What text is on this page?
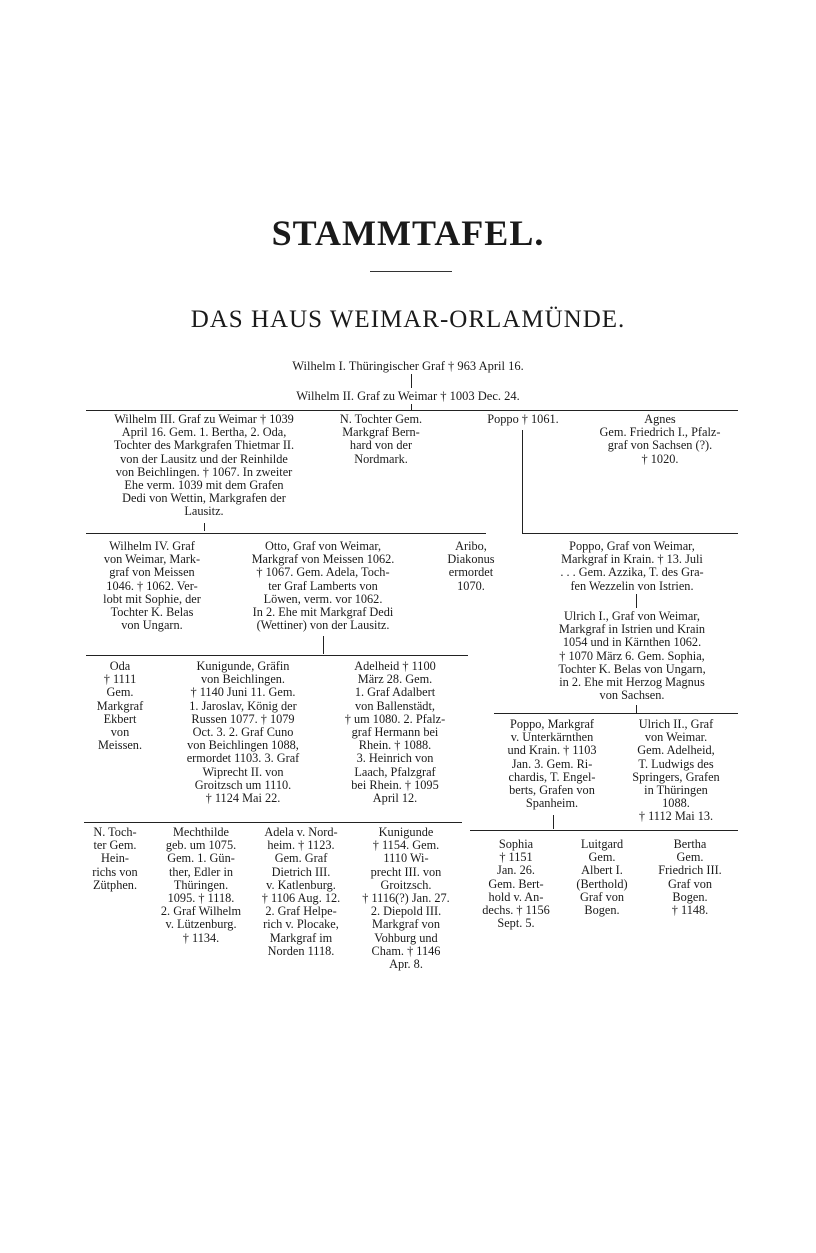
STAMMTAFEL.
DAS HAUS WEIMAR-ORLAMÜNDE.
Wilhelm I. Thüringischer Graf † 963 April 16.
Wilhelm II. Graf zu Weimar † 1003 Dec. 24.
Wilhelm III. Graf zu Weimar † 1039
April 16. Gem. 1. Bertha, 2. Oda,
Tochter des Markgrafen Thietmar II.
von der Lausitz und der Reinhilde
von Beichlingen. † 1067. In zweiter
Ehe verm. 1039 mit dem Grafen
Dedi von Wettin, Markgrafen der
Lausitz.
N. Tochter Gem.
Markgraf Bern-
hard von der
Nordmark.
Poppo † 1061.	Agnes
Gem. Friedrich I., Pfalz-
graf von Sachsen (?).
† 1020.
Wilhelm IV. Graf
von Weimar, Mark-
graf von Meissen
1046. † 1062. Ver-
lobt mit Sophie, der
Tochter K. Belas
von Ungarn.
Otto, Graf von Weimar,
Markgraf von Meissen 1062.
† 1067. Gem. Adela, Toch-
ter Graf Lamberts von
Löwen, verm. vor 1062.
In 2. Ehe mit Markgraf Dedi
(Wettiner) von der Lausitz.
Aribo,
Diakonus
ermordet
1070.
Poppo, Graf von Weimar,
Markgraf in Krain. † 13. Juli
. . . Gem. Azzika, T. des Gra-
fen Wezzelin von Istrien.
Ulrich I., Graf von Weimar,
Markgraf in Istrien und Krain
1054 und in Kärnthen 1062.
† 1070 März 6. Gem. Sophia,
Tochter K. Belas von Ungarn,
in 2. Ehe mit Herzog Magnus
von Sachsen.
Oda
† 1111
Gem.
Markgraf
Ekbert
von
Meissen.
Kunigunde, Gräfin
von Beichlingen.
† 1140 Juni 11. Gem.
1. Jaroslav, König der
Russen 1077. † 1079
Oct. 3. 2. Graf Cuno
von Beichlingen 1088,
ermordet 1103. 3. Graf
Wiprecht II. von
Groitzsch um 1110.
† 1124 Mai 22.
Adelheid † 1100
März 28. Gem.
1. Graf Adalbert
von Ballenstädt,
† um 1080. 2. Pfalz-
graf Hermann bei
Rhein. † 1088.
3. Heinrich von
Laach, Pfalzgraf
bei Rhein. † 1095
April 12.
Poppo, Markgraf
v. Unterkärnthen
und Krain. † 1103
Jan. 3. Gem. Ri-
chardis, T. Engel-
berts, Grafen von
Spanheim.
Ulrich II., Graf
von Weimar.
Gem. Adelheid,
T. Ludwigs des
Springers, Grafen
in Thüringen
1088.
† 1112 Mai 13.
N. Toch-
ter Gem.
Hein-
richs von
Zütphen.
Mechthilde
geb. um 1075.
Gem. 1. Gün-
ther, Edler in
Thüringen.
1095. † 1118.
2. Graf Wilhelm
v. Lützenburg.
† 1134.
Adela v. Nord-
heim. † 1123.
Gem. Graf
Dietrich III.
v. Katlenburg.
† 1106 Aug. 12.
2. Graf Helpe-
rich v. Plocake,
Markgraf im
Norden 1118.
Kunigunde
† 1154. Gem.
1110 Wi-
precht III. von
Groitzsch.
† 1116(?) Jan. 27.
2. Diepold III.
Markgraf von
Vohburg und
Cham. † 1146
Apr. 8.
Sophia
† 1151
Jan. 26.
Gem. Bert-
hold v. An-
dechs. † 1156
Sept. 5.
Luitgard
Gem.
Albert I.
(Berthold)
Graf von
Bogen.
Bertha
Gem.
Friedrich III.
Graf von
Bogen.
† 1148.
